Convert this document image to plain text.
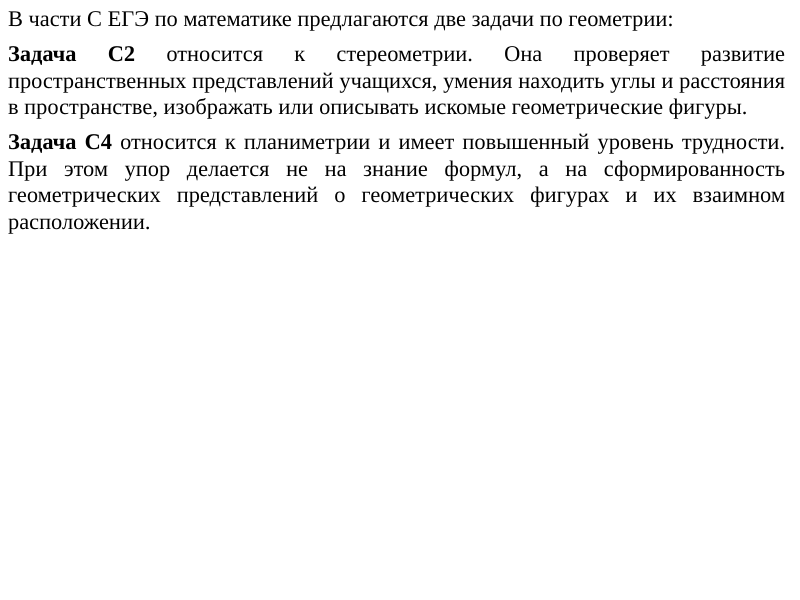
В части С ЕГЭ по математике предлагаются две задачи по геометрии:

Задача С2 относится к стереометрии. Она проверяет развитие пространственных представлений учащихся, умения находить углы и расстояния в пространстве, изображать или описывать искомые геометрические фигуры.

Задача С4 относится к планиметрии и имеет повышенный уровень трудности. При этом упор делается не на знание формул, а на сформированность геометрических представлений о геометрических фигурах и их взаимном расположении.
